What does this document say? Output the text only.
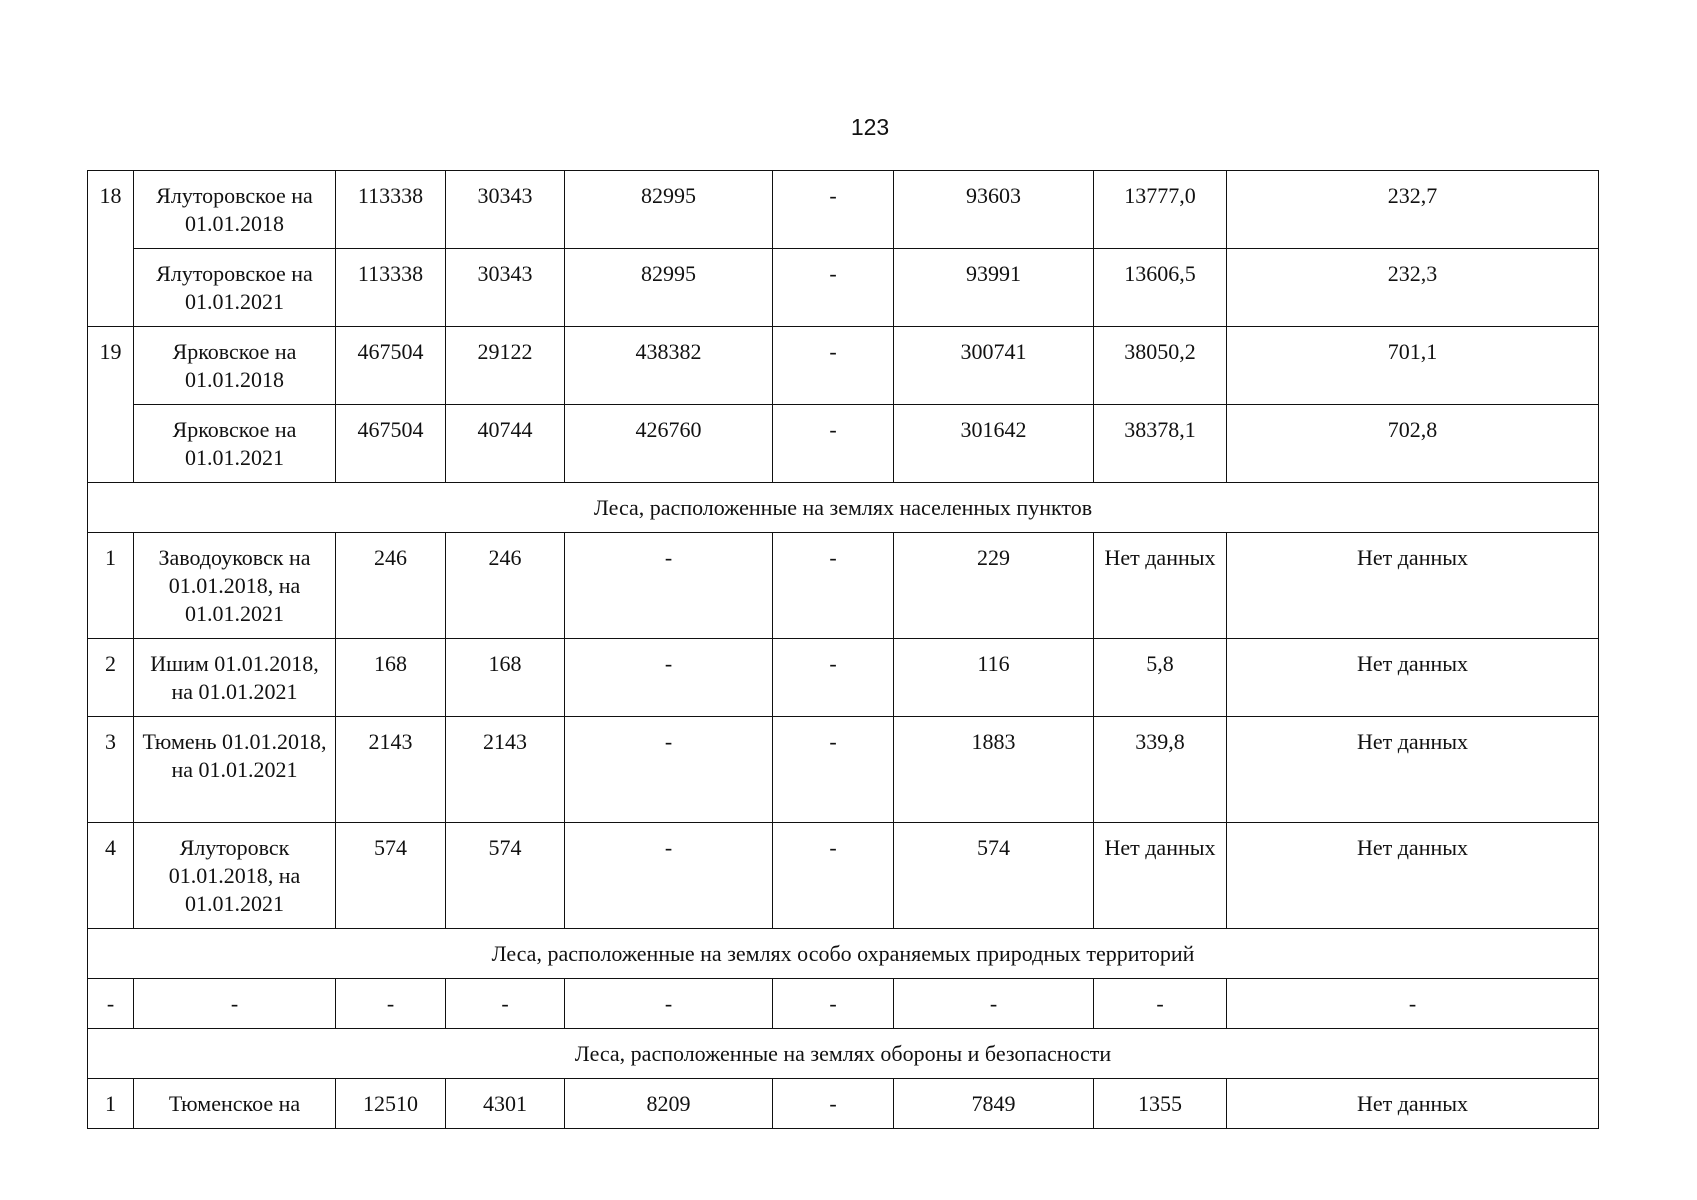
123
18	Ялуторовское на 01.01.2018	113338	30343	82995	-	93603	13777,0	232,7
	Ялуторовское на 01.01.2021	113338	30343	82995	-	93991	13606,5	232,3
19	Ярковское на 01.01.2018	467504	29122	438382	-	300741	38050,2	701,1
	Ярковское на 01.01.2021	467504	40744	426760	-	301642	38378,1	702,8
Леса, расположенные на землях населенных пунктов								
1	Заводоуковск на 01.01.2018, на 01.01.2021	246	246	-	-	229	Нет данных	Нет данных
2	Ишим 01.01.2018, на 01.01.2021	168	168	-	-	116	5,8	Нет данных
3	Тюмень 01.01.2018, на 01.01.2021	2143	2143	-	-	1883	339,8	Нет данных
4	Ялуторовск 01.01.2018, на 01.01.2021	574	574	-	-	574	Нет данных	Нет данных
Леса, расположенные на землях особо охраняемых природных территорий								
-	-	-	-	-	-	-	-	-
Леса, расположенные на землях обороны и безопасности								
1	Тюменское на	12510	4301	8209	-	7849	1355	Нет данных
